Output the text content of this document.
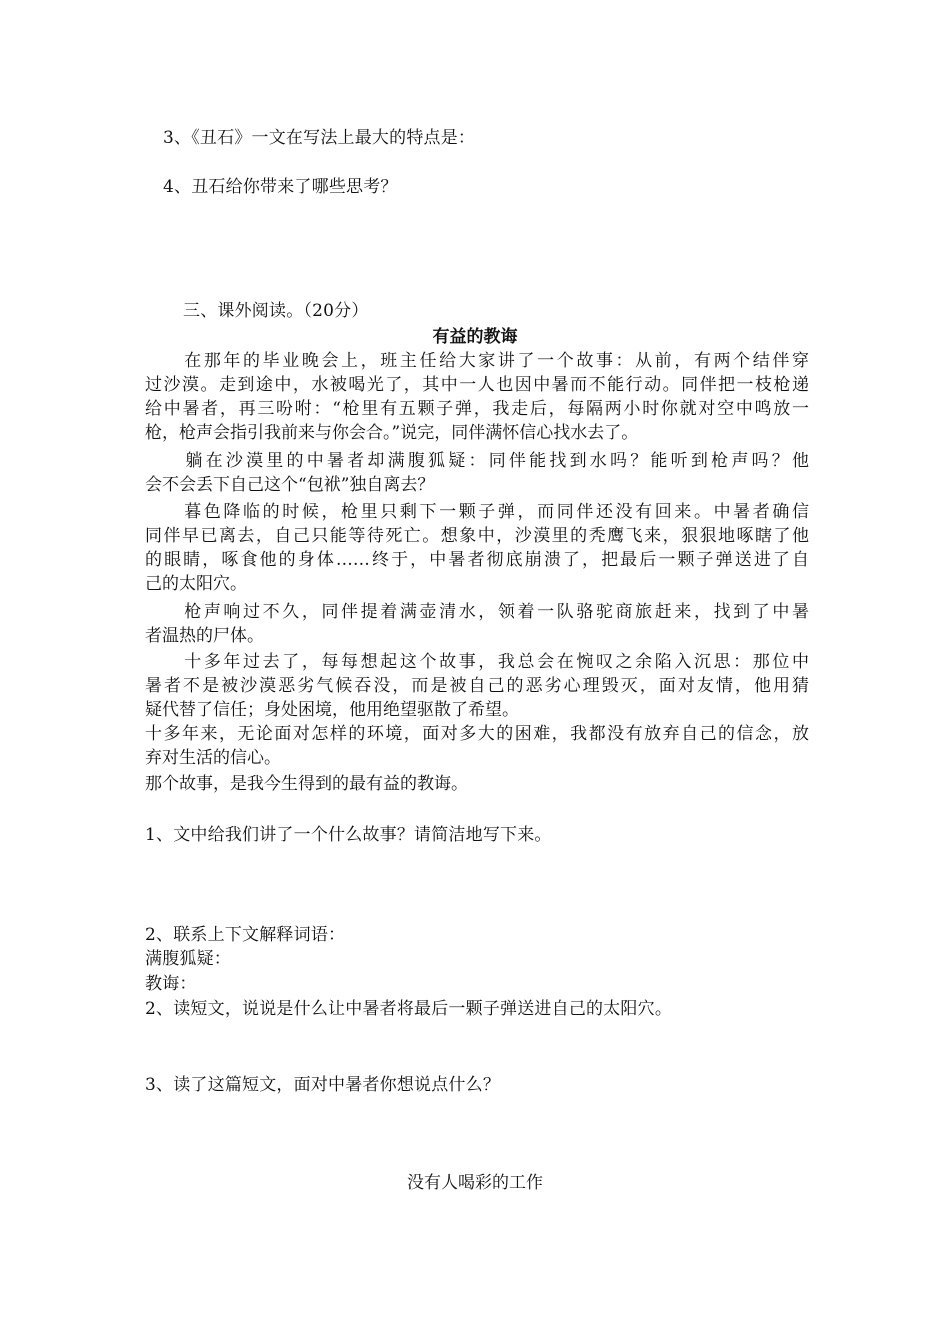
3、《丑石》一文在写法上最大的特点是：
4、丑石给你带来了哪些思考？
三、课外阅读。（20分）
有益的教诲
　　在那年的毕业晚会上，班主任给大家讲了一个故事：从前，有两个结伴穿
过沙漠。走到途中，水被喝光了，其中一人也因中暑而不能行动。同伴把一枝枪递
给中暑者，再三吩咐：“枪里有五颗子弹，我走后，每隔两小时你就对空中鸣放一
枪，枪声会指引我前来与你会合。”说完，同伴满怀信心找水去了。
　　躺在沙漠里的中暑者却满腹狐疑：同伴能找到水吗？能听到枪声吗？他
会不会丢下自己这个“包袱”独自离去？
　　暮色降临的时候，枪里只剩下一颗子弹，而同伴还没有回来。中暑者确信
同伴早已离去，自己只能等待死亡。想象中，沙漠里的秃鹰飞来，狠狠地啄瞎了他
的眼睛，啄食他的身体……终于，中暑者彻底崩溃了，把最后一颗子弹送进了自
己的太阳穴。
　　枪声响过不久，同伴提着满壶清水，领着一队骆驼商旅赶来，找到了中暑
者温热的尸体。
　　十多年过去了，每每想起这个故事，我总会在惋叹之余陷入沉思：那位中
暑者不是被沙漠恶劣气候吞没，而是被自己的恶劣心理毁灭，面对友情，他用猜
疑代替了信任；身处困境，他用绝望驱散了希望。
十多年来，无论面对怎样的环境，面对多大的困难，我都没有放弃自己的信念，放
弃对生活的信心。
那个故事，是我今生得到的最有益的教诲。
1、文中给我们讲了一个什么故事？请简洁地写下来。
2、联系上下文解释词语：
满腹狐疑：
教诲：
2、读短文，说说是什么让中暑者将最后一颗子弹送进自己的太阳穴。
3、读了这篇短文，面对中暑者你想说点什么？
没有人喝彩的工作
